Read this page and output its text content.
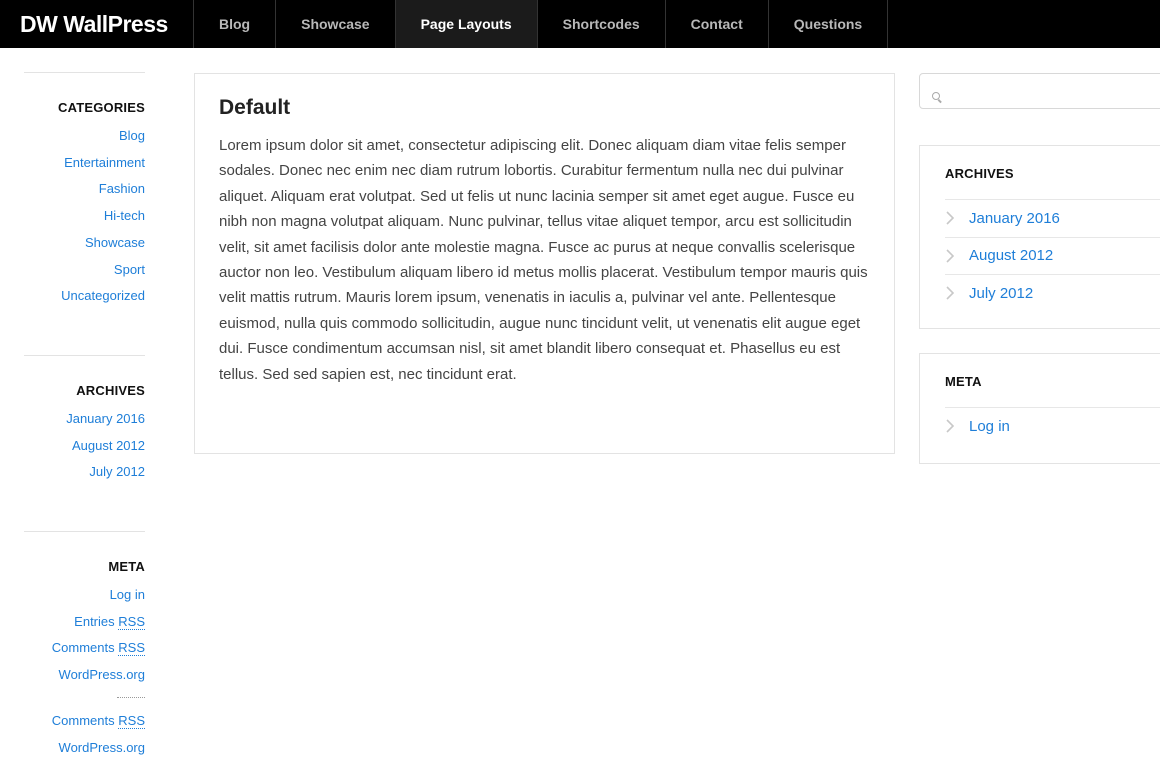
DW WallPress	Blog	Showcase	Page Layouts	Shortcodes	Contact	Questions
CATEGORIES
Blog
Entertainment
Fashion
Hi-tech
Showcase
Sport
Uncategorized
ARCHIVES
January 2016
August 2012
July 2012
META
Log in
Entries RSS
Comments RSS
WordPress.org
Comments RSS
WordPress.org
Default

Lorem ipsum dolor sit amet, consectetur adipiscing elit. Donec aliquam diam vitae felis semper sodales. Donec nec enim nec diam rutrum lobortis. Curabitur fermentum nulla nec dui pulvinar aliquet. Aliquam erat volutpat. Sed ut felis ut nunc lacinia semper sit amet eget augue. Fusce eu nibh non magna volutpat aliquam. Nunc pulvinar, tellus vitae aliquet tempor, arcu est sollicitudin velit, sit amet facilisis dolor ante molestie magna. Fusce ac purus at neque convallis scelerisque auctor non leo. Vestibulum aliquam libero id metus mollis placerat. Vestibulum tempor mauris quis velit mattis rutrum. Mauris lorem ipsum, venenatis in iaculis a, pulvinar vel ante. Pellentesque euismod, nulla quis commodo sollicitudin, augue nunc tincidunt velit, ut venenatis elit augue eget dui. Fusce condimentum accumsan nisl, sit amet blandit libero consequat et. Phasellus eu est tellus. Sed sed sapien est, nec tincidunt erat.

ARCHIVES
January 2016
August 2012
July 2012
META
Log in
